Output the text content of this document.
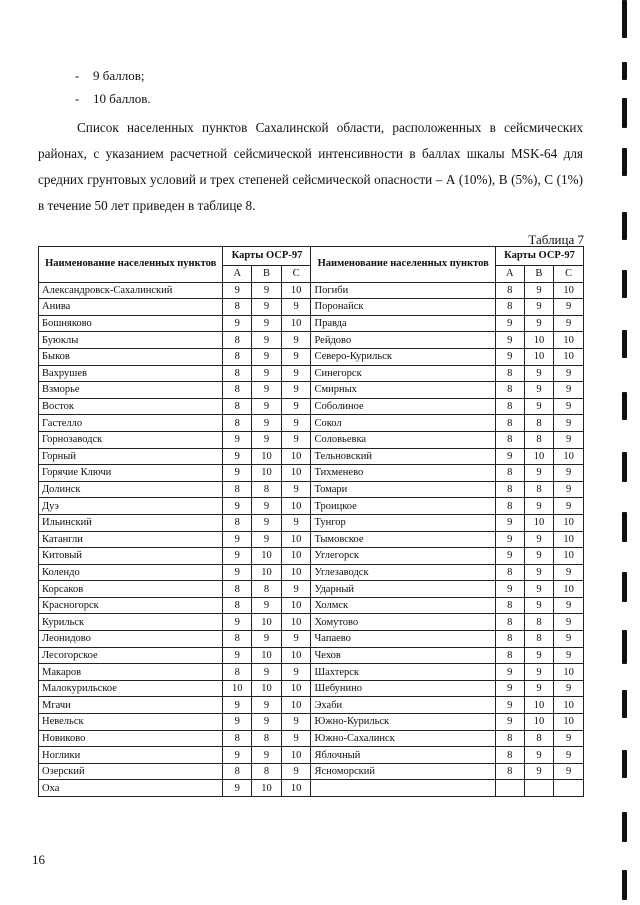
-	9 баллов;
-	10 баллов.

Список населенных пунктов Сахалинской области, расположенных в сейсмических районах, с указанием расчетной сейсмической интенсивности в баллах шкалы MSK-64 для средних грунтовых условий и трех степеней сейсмической опасности – А (10%), В (5%), С (1%) в течение 50 лет приведен в таблице 8.

Таблица 7
Наименование населенных пунктов	Карты ОСР-97			Наименование населенных пунктов	Карты ОСР-97		
	A	B	C		A	B	C
Александровск-Сахалинский	9	9	10	Погиби	8	9	10
Анива	8	9	9	Поронайск	8	9	9
Бошняково	9	9	10	Правда	9	9	9
Буюклы	8	9	9	Рейдово	9	10	10
Быков	8	9	9	Северо-Курильск	9	10	10
Вахрушев	8	9	9	Синегорск	8	9	9
Взморье	8	9	9	Смирных	8	9	9
Восток	8	9	9	Соболиное	8	9	9
Гастелло	8	9	9	Сокол	8	8	9
Горнозаводск	9	9	9	Соловьевка	8	8	9
Горный	9	10	10	Тельновский	9	10	10
Горячие Ключи	9	10	10	Тихменево	8	9	9
Долинск	8	8	9	Томари	8	8	9
Дуэ	9	9	10	Троицкое	8	9	9
Ильинский	8	9	9	Тунгор	9	10	10
Катангли	9	9	10	Тымовское	9	9	10
Китовый	9	10	10	Углегорск	9	9	10
Колендо	9	10	10	Углезаводск	8	9	9
Корсаков	8	8	9	Ударный	9	9	10
Красногорск	8	9	10	Холмск	8	9	9
Курильск	9	10	10	Хомутово	8	8	9
Леонидово	8	9	9	Чапаево	8	8	9
Лесогорское	9	10	10	Чехов	8	9	9
Макаров	8	9	9	Шахтерск	9	9	10
Малокурильское	10	10	10	Шебунино	9	9	9
Мгачи	9	9	10	Эхаби	9	10	10
Невельск	9	9	9	Южно-Курильск	9	10	10
Новиково	8	8	9	Южно-Сахалинск	8	8	9
Ноглики	9	9	10	Яблочный	8	9	9
Озерский	8	8	9	Ясноморский	8	9	9
Оха	9	10	10				
16
